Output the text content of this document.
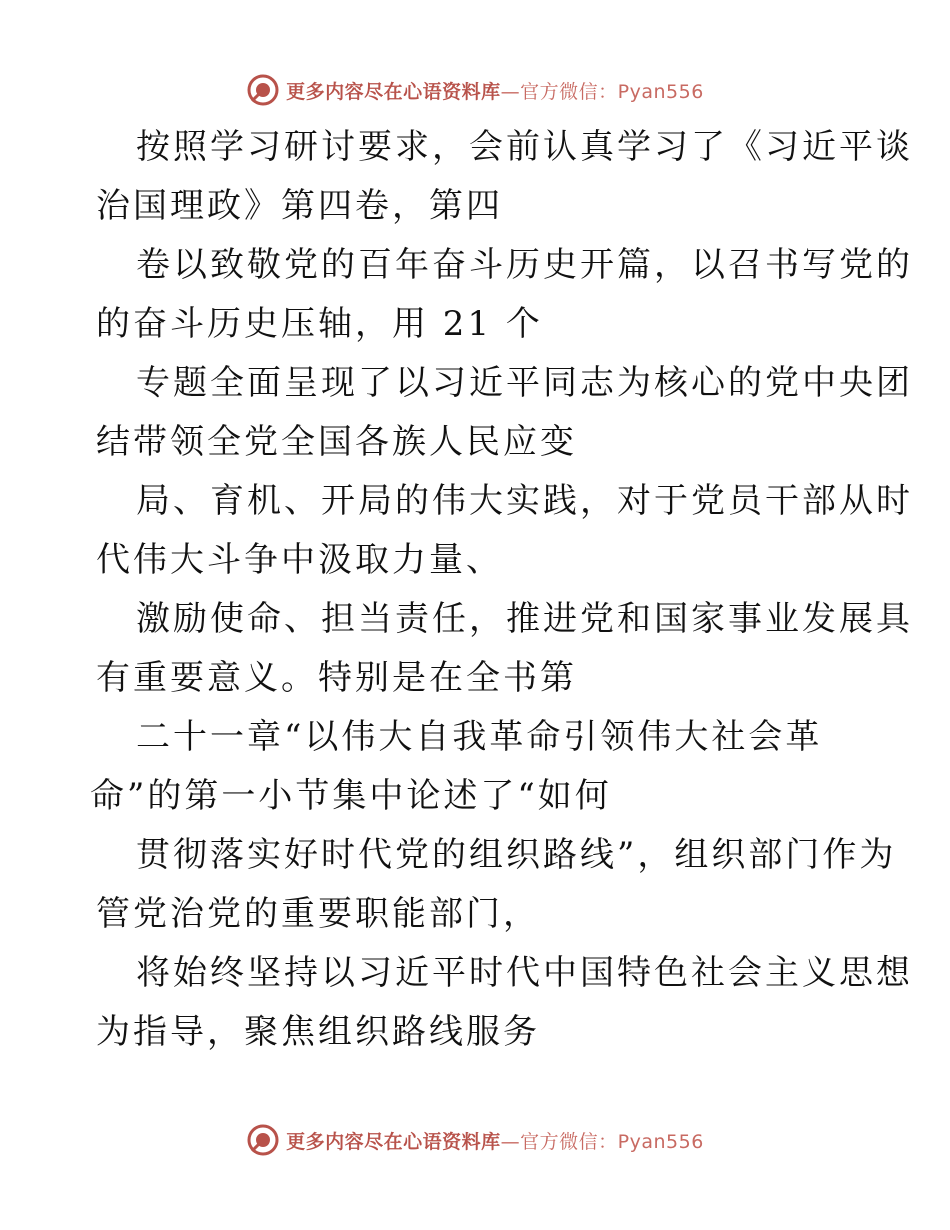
更多内容尽在心语资料库—官方微信：Pyan556

按照学习研讨要求，会前认真学习了《习近平谈
治国理政》第四卷，第四

卷以致敬党的百年奋斗历史开篇，以召书写党的
的奋斗历史压轴，用 21 个

专题全面呈现了以习近平同志为核心的党中央团
结带领全党全国各族人民应变

局、育机、开局的伟大实践，对于党员干部从时
代伟大斗争中汲取力量、

激励使命、担当责任，推进党和国家事业发展具
有重要意义。特别是在全书第

二十一章“以伟大自我革命引领伟大社会革
命”的第一小节集中论述了“如何

贯彻落实好时代党的组织路线”，组织部门作为
管党治党的重要职能部门，

将始终坚持以习近平时代中国特色社会主义思想
为指导，聚焦组织路线服务

更多内容尽在心语资料库—官方微信：Pyan556
